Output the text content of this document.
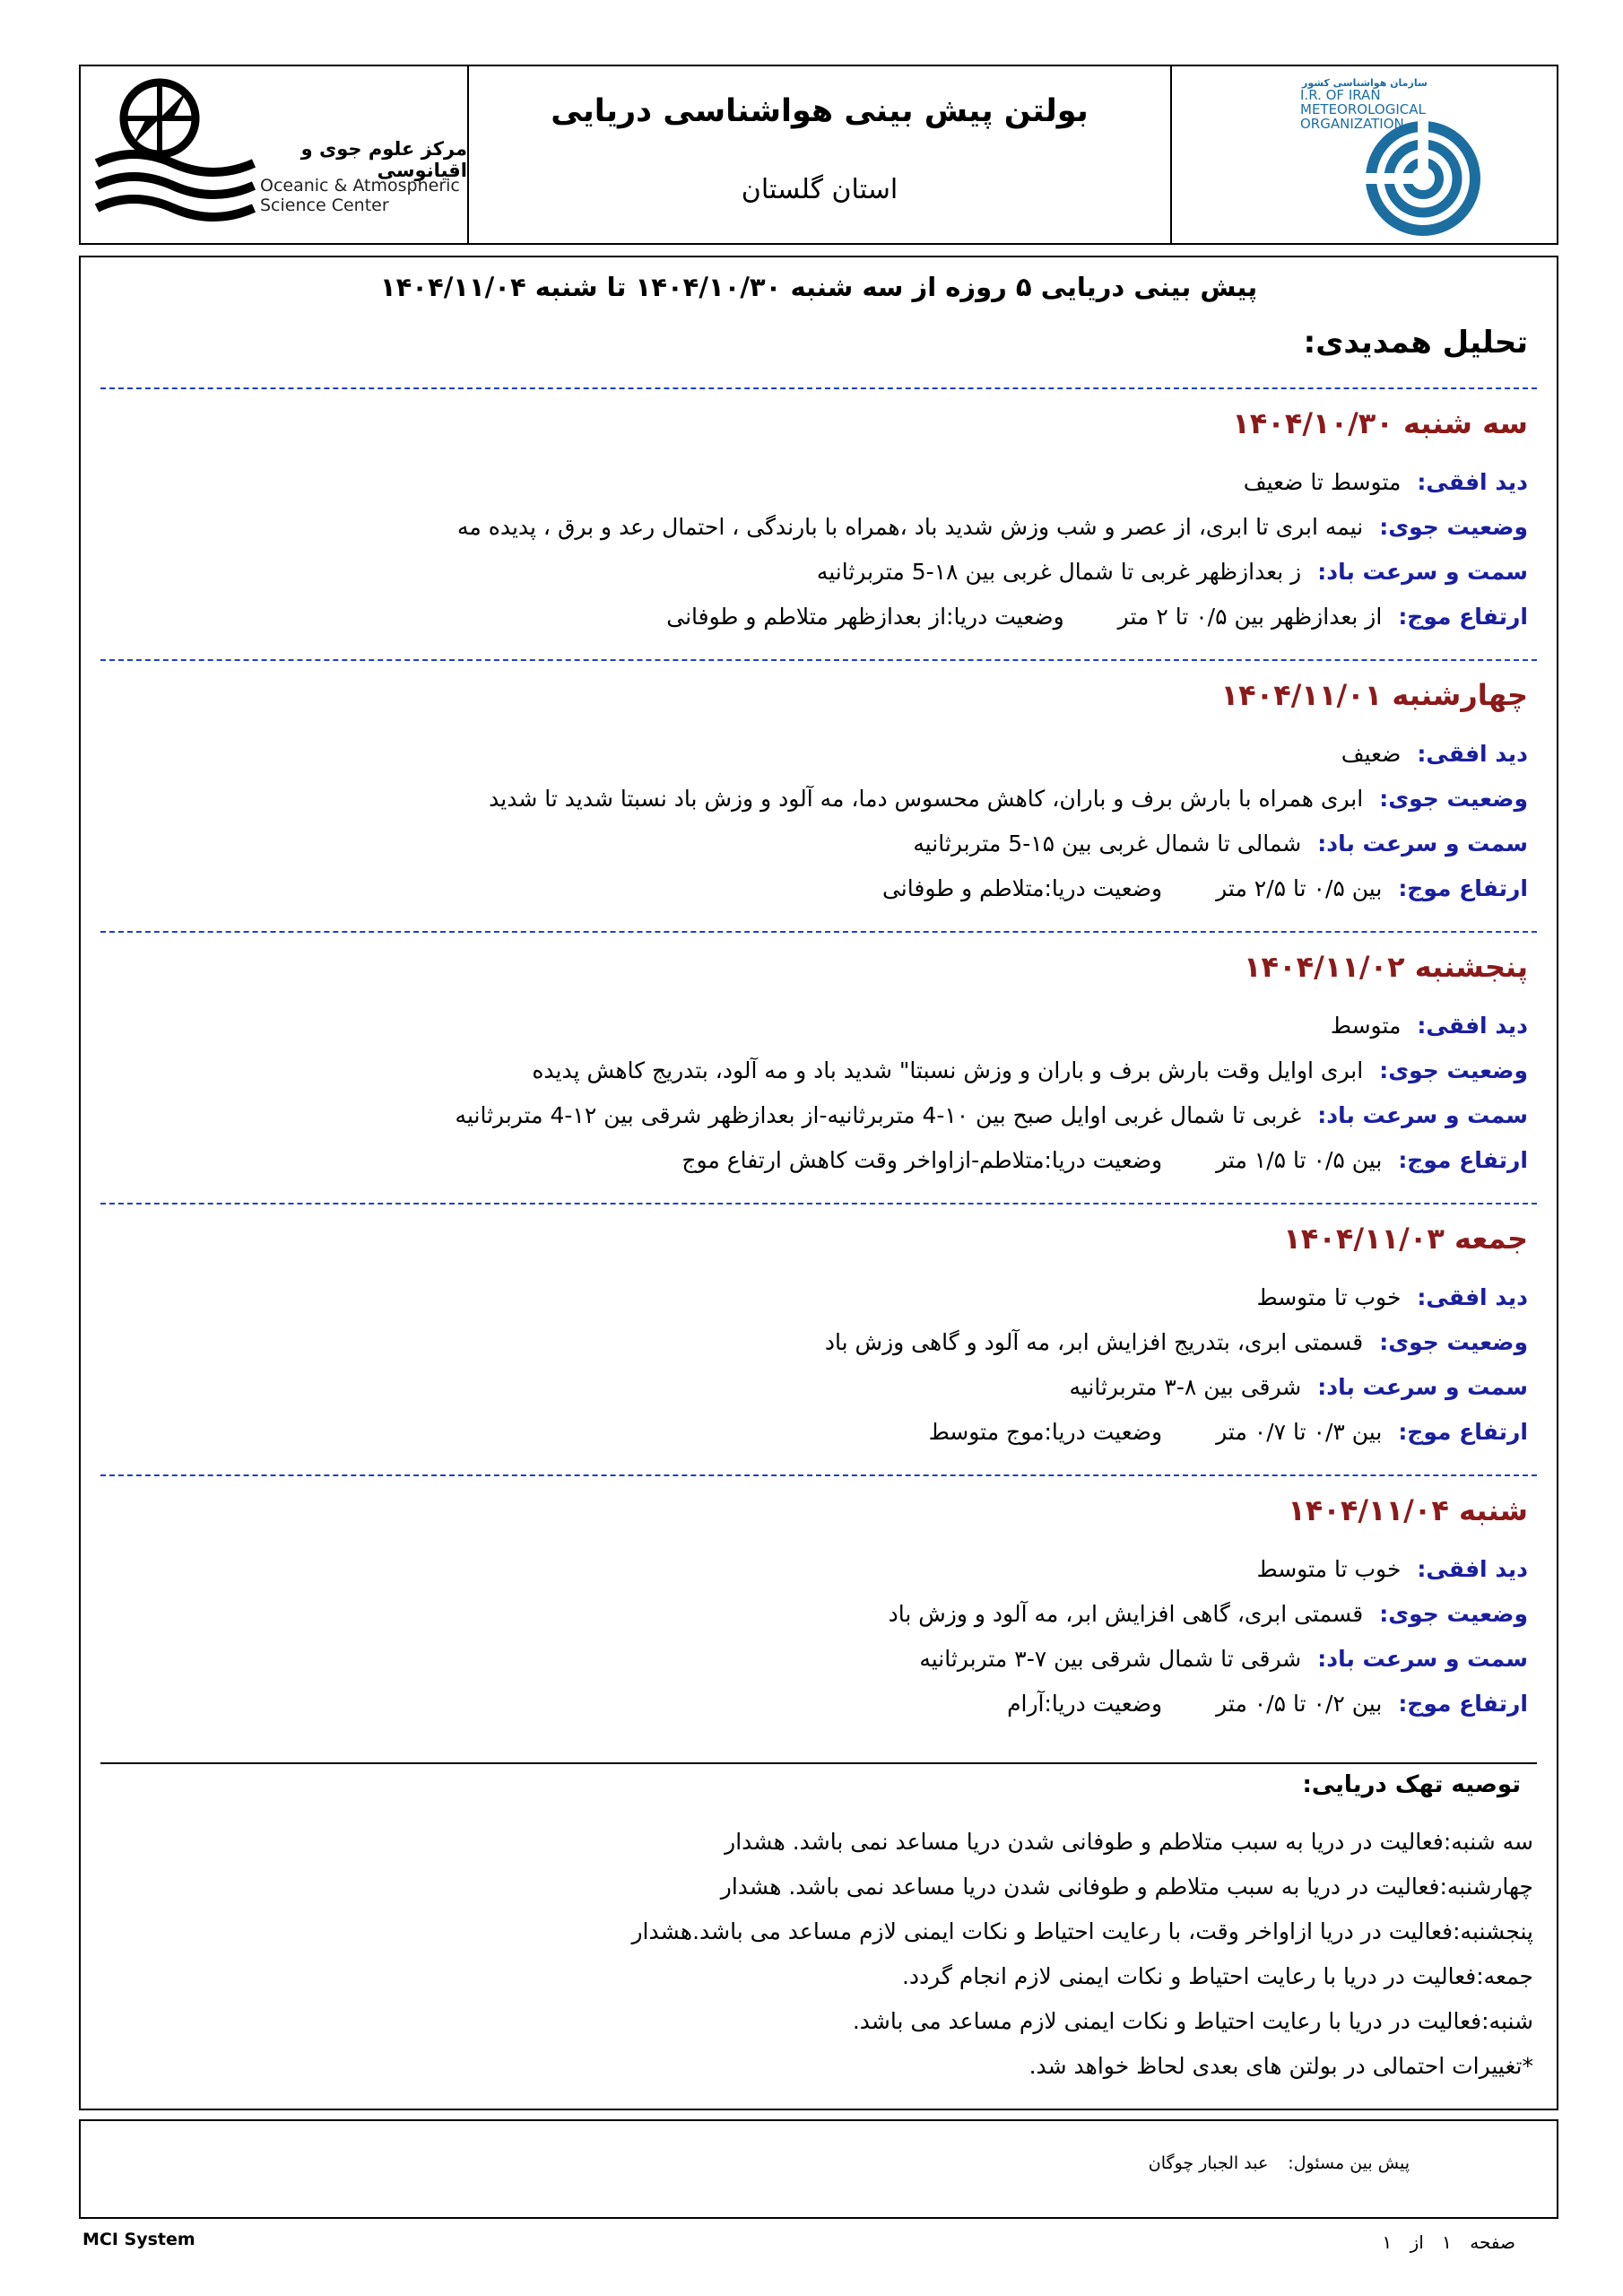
مرکز علوم جوی و اقیانوسی
Oceanic & Atmospheric
Science Center
بولتن پیش بینی هواشناسی دریایی
استان گلستان
سازمان هواشناسی کشور
I.R. OF IRAN
METEOROLOGICAL
ORGANIZATION
پیش بینی دریایی ۵ روزه از سه شنبه ۱۴۰۴/۱۰/۳۰ تا شنبه ۱۴۰۴/۱۱/۰۴
تحلیل همدیدی:
سه شنبه ۱۴۰۴/۱۰/۳۰
دید افقی:متوسط تا ضعیف
وضعیت جوی:نیمه ابری تا ابری، از عصر و شب وزش شدید باد ،همراه با بارندگی ، احتمال رعد و برق ، پدیده مه
سمت و سرعت باد:ز بعدازظهر غربی تا شمال غربی بین ۱۸-5 متربرثانیه
ارتفاع موج:از بعدازظهر بین ۰/۵ تا ۲ متروضعیت دریا:از بعدازظهر متلاطم و طوفانی
چهارشنبه ۱۴۰۴/۱۱/۰۱
دید افقی:ضعیف
وضعیت جوی:ابری همراه با بارش برف و باران، کاهش محسوس دما، مه آلود و وزش باد نسبتا شدید تا شدید
سمت و سرعت باد:شمالی تا شمال غربی بین ۱۵-5 متربرثانیه
ارتفاع موج:بین ۰/۵ تا ۲/۵ متروضعیت دریا:متلاطم و طوفانی
پنجشنبه ۱۴۰۴/۱۱/۰۲
دید افقی:متوسط
وضعیت جوی:ابری اوایل وقت بارش برف و باران و وزش نسبتا" شدید باد و مه آلود، بتدریج کاهش پدیده
سمت و سرعت باد:غربی تا شمال غربی اوایل صبح بین ۱۰-4 متربرثانیه-از بعدازظهر شرقی بین ۱۲-4 متربرثانیه
ارتفاع موج:بین ۰/۵ تا ۱/۵ متروضعیت دریا:متلاطم-ازاواخر وقت کاهش ارتفاع موج
جمعه ۱۴۰۴/۱۱/۰۳
دید افقی:خوب تا متوسط
وضعیت جوی:قسمتی ابری، بتدریج افزایش ابر، مه آلود و گاهی وزش باد
سمت و سرعت باد:شرقی بین ۸-۳ متربرثانیه
ارتفاع موج:بین ۰/۳ تا ۰/۷ متروضعیت دریا:موج متوسط
شنبه ۱۴۰۴/۱۱/۰۴
دید افقی:خوب تا متوسط
وضعیت جوی:قسمتی ابری، گاهی افزایش ابر، مه آلود و وزش باد
سمت و سرعت باد:شرقی تا شمال شرقی بین ۷-۳ متربرثانیه
ارتفاع موج:بین ۰/۲ تا ۰/۵ متروضعیت دریا:آرام
توصیه تهک دریایی:
سه شنبه:فعالیت در دریا به سبب متلاطم و طوفانی شدن دریا مساعد نمی باشد. هشدار
چهارشنبه:فعالیت در دریا به سبب متلاطم و طوفانی شدن دریا مساعد نمی باشد. هشدار
پنجشنبه:فعالیت در دریا ازاواخر وقت، با رعایت احتیاط و نکات ایمنی لازم مساعد می باشد.هشدار
جمعه:فعالیت در دریا با رعایت احتیاط و نکات ایمنی لازم انجام گردد.
شنبه:فعالیت در دریا با رعایت احتیاط و نکات ایمنی لازم مساعد می باشد.
*تغییرات احتمالی در بولتن های بعدی لحاظ خواهد شد.
پیش بین مسئول:عبد الجبار چوگان
MCI System	صفحه ۱ از ۱
